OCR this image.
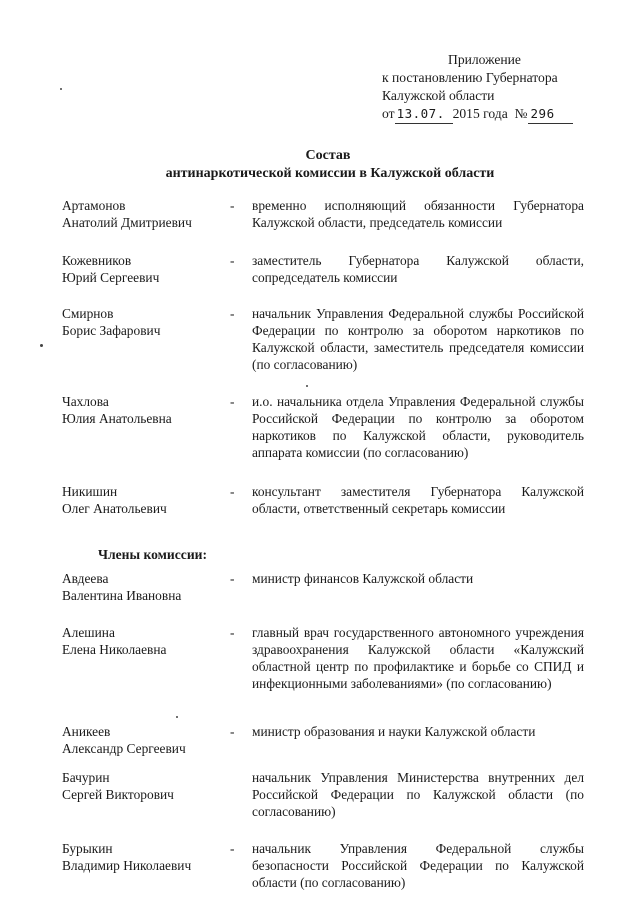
Приложение
к постановлению Губернатора
Калужской области
от 13.07. 2015 года № 296
Состав
антинаркотической комиссии в Калужской области
Артамонов
Анатолий Дмитриевич
- временно исполняющий обязанности Губернатора Калужской области, председатель комиссии
Кожевников
Юрий Сергеевич
- заместитель Губернатора Калужской области, сопредседатель комиссии
Смирнов
Борис Зафарович
- начальник Управления Федеральной службы Российской Федерации по контролю за оборотом наркотиков по Калужской области, заместитель председателя комиссии (по согласованию)
Чахлова
Юлия Анатольевна
- и.о. начальника отдела Управления Федеральной службы Российской Федерации по контролю за оборотом наркотиков по Калужской области, руководитель аппарата комиссии (по согласованию)
Никишин
Олег Анатольевич
- консультант заместителя Губернатора Калужской области, ответственный секретарь комиссии
Члены комиссии:
Авдеева
Валентина Ивановна
- министр финансов Калужской области
Алешина
Елена Николаевна
- главный врач государственного автономного учреждения здравоохранения Калужской области «Калужский областной центр по профилактике и борьбе со СПИД и инфекционными заболеваниями» (по согласованию)
Аникеев
Александр Сергеевич
- министр образования и науки Калужской области
Бачурин
Сергей Викторович
начальник Управления Министерства внутренних дел Российской Федерации по Калужской области (по согласованию)
Бурыкин
Владимир Николаевич
- начальник Управления Федеральной службы безопасности Российской Федерации по Калужской области (по согласованию)
